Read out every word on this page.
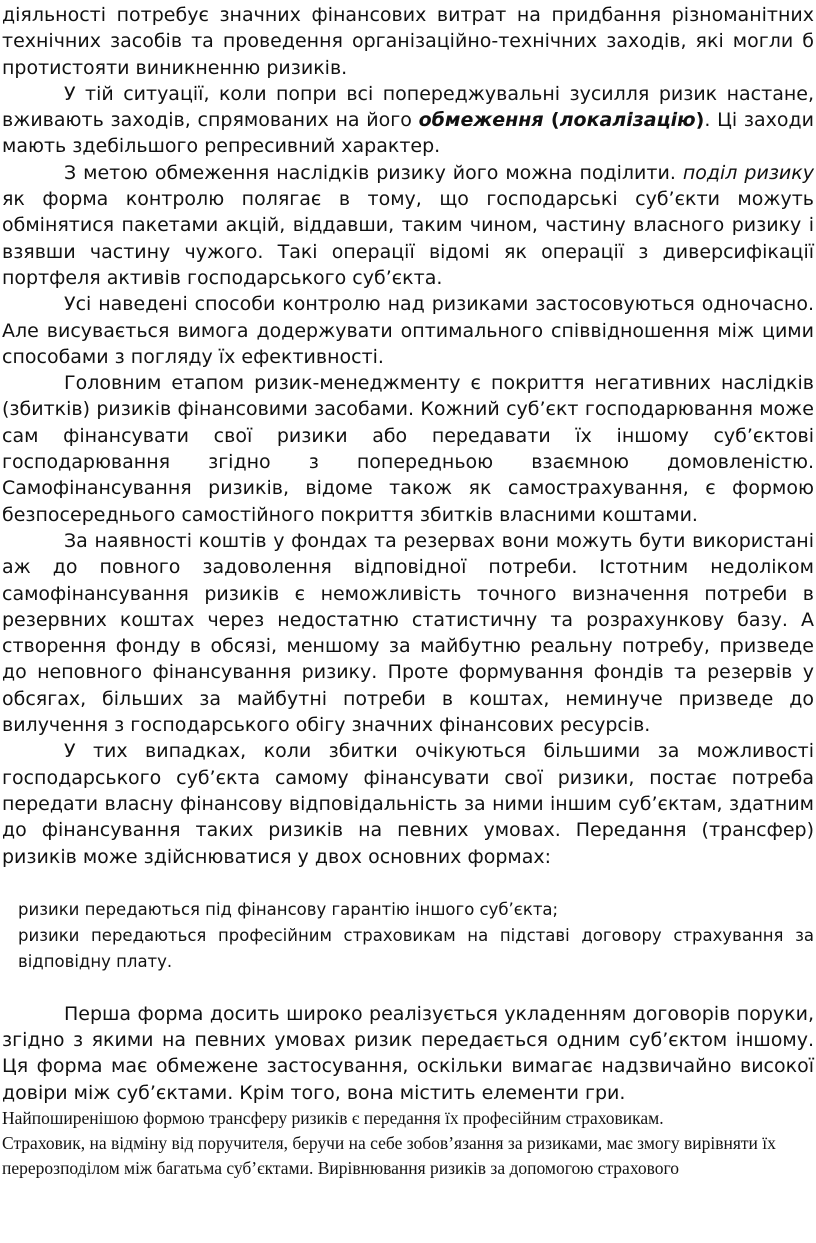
діяльності потребує значних фінансових витрат на придбання різноманітних технічних засобів та проведення організаційно-технічних заходів, які могли б протистояти виникненню ризиків.

У тій ситуації, коли попри всі попереджувальні зусилля ризик настане, вживають заходів, спрямованих на його обмеження (локалізацію). Ці заходи мають здебільшого репресивний характер.

З метою обмеження наслідків ризику його можна поділити. поділ ризику як форма контролю полягає в тому, що господарські суб’єкти можуть обмінятися пакетами акцій, віддавши, таким чином, частину власного ризику і взявши частину чужого. Такі операції відомі як операції з диверсифікації портфеля активів господарського суб’єкта.

Усі наведені способи контролю над ризиками застосовуються одночасно. Але висувається вимога додержувати оптимального співвідношення між цими способами з погляду їх ефективності.

Головним етапом ризик-менеджменту є покриття негативних наслідків (збитків) ризиків фінансовими засобами. Кожний суб’єкт господарювання може сам фінансувати свої ризики або передавати їх іншому суб’єктові господарювання згідно з попередньою взаємною домовленістю. Самофінансування ризиків, відоме також як самострахування, є формою безпосереднього самостійного покриття збитків власними коштами.

За наявності коштів у фондах та резервах вони можуть бути використані аж до повного задоволення відповідної потреби. Істотним недоліком самофінансування ризиків є неможливість точного визначення потреби в резервних коштах через недостатню статистичну та розрахункову базу. А створення фонду в обсязі, меншому за майбутню реальну потребу, призведе до неповного фінансування ризику. Проте формування фондів та резервів у обсягах, більших за майбутні потреби в коштах, неминуче призведе до вилучення з господарського обігу значних фінансових ресурсів.

У тих випадках, коли збитки очікуються більшими за можливості господарського суб’єкта самому фінансувати свої ризики, постає потреба передати власну фінансову відповідальність за ними іншим суб’єктам, здатним до фінансування таких ризиків на певних умовах. Передання (трансфер) ризиків може здійснюватися у двох основних формах:

ризики передаються під фінансову гарантію іншого суб’єкта;

ризики передаються професійним страховикам на підставі договору страхування за відповідну плату.

Перша форма досить широко реалізується укладенням договорів поруки, згідно з якими на певних умовах ризик передається одним суб’єктом іншому. Ця форма має обмежене застосування, оскільки вимагає надзвичайно високої довіри між суб’єктами. Крім того, вона містить елементи гри.

Найпоширенішою формою трансферу ризиків є передання їх професійним страховикам.

Страховик, на відміну від поручителя, беручи на себе зобов’язання за ризиками, має змогу вирівняти їх перерозподілом між багатьма суб’єктами. Вирівнювання ризиків за допомогою страхового
